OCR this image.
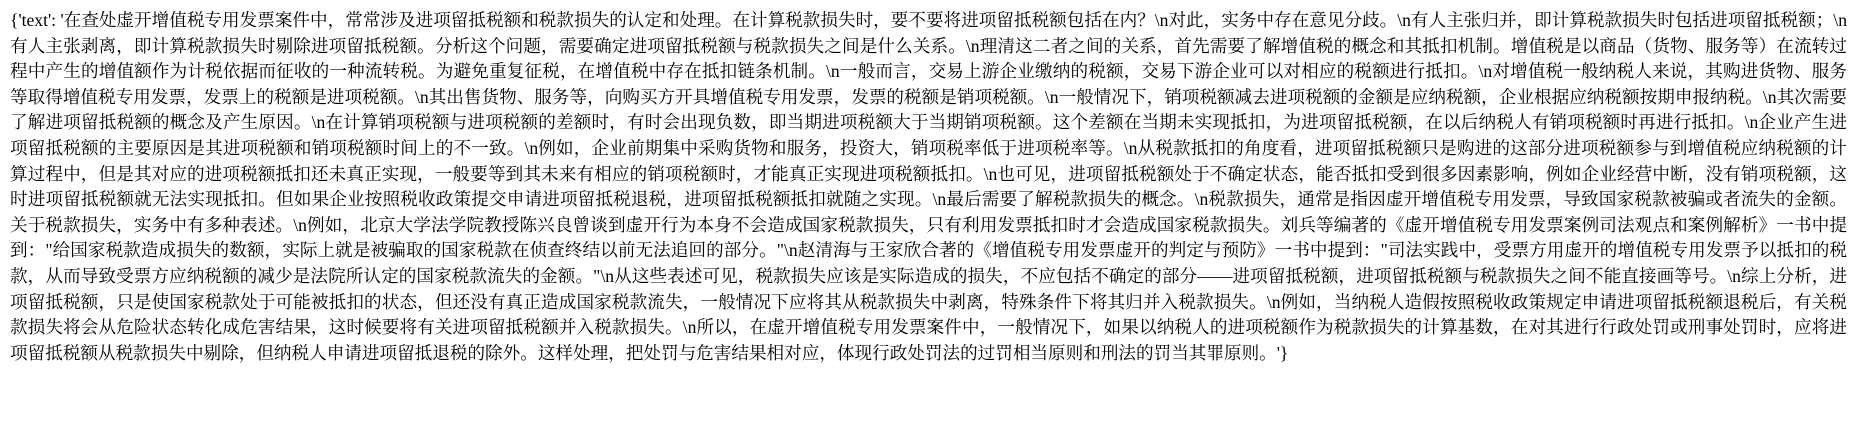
{'text': '在查处虚开增值税专用发票案件中，常常涉及进项留抵税额和税款损失的认定和处理。在计算税款损失时，要不要将进项留抵税额包括在内？\n对此，实务中存在意见分歧。\n有人主张归并，即计算税款损失时包括进项留抵税额；\n有人主张剥离，即计算税款损失时剔除进项留抵税额。分析这个问题，需要确定进项留抵税额与税款损失之间是什么关系。\n理清这二者之间的关系，首先需要了解增值税的概念和其抵扣机制。增值税是以商品（货物、服务等）在流转过程中产生的增值额作为计税依据而征收的一种流转税。为避免重复征税，在增值税中存在抵扣链条机制。\n一般而言，交易上游企业缴纳的税额，交易下游企业可以对相应的税额进行抵扣。\n对增值税一般纳税人来说，其购进货物、服务等取得增值税专用发票，发票上的税额是进项税额。\n其出售货物、服务等，向购买方开具增值税专用发票，发票的税额是销项税额。\n一般情况下，销项税额减去进项税额的金额是应纳税额，企业根据应纳税额按期申报纳税。\n其次需要了解进项留抵税额的概念及产生原因。\n在计算销项税额与进项税额的差额时，有时会出现负数，即当期进项税额大于当期销项税额。这个差额在当期未实现抵扣，为进项留抵税额，在以后纳税人有销项税额时再进行抵扣。\n企业产生进项留抵税额的主要原因是其进项税额和销项税额时间上的不一致。\n例如，企业前期集中采购货物和服务，投资大，销项税率低于进项税率等。\n从税款抵扣的角度看，进项留抵税额只是购进的这部分进项税额参与到增值税应纳税额的计算过程中，但是其对应的进项税额抵扣还未真正实现，一般要等到其未来有相应的销项税额时，才能真正实现进项税额抵扣。\n也可见，进项留抵税额处于不确定状态，能否抵扣受到很多因素影响，例如企业经营中断，没有销项税额，这时进项留抵税额就无法实现抵扣。但如果企业按照税收政策提交申请进项留抵税退税，进项留抵税额抵扣就随之实现。\n最后需要了解税款损失的概念。\n税款损失，通常是指因虚开增值税专用发票，导致国家税款被骗或者流失的金额。关于税款损失，实务中有多种表述。\n例如，北京大学法学院教授陈兴良曾谈到虚开行为本身不会造成国家税款损失，只有利用发票抵扣时才会造成国家税款损失。刘兵等编著的《虚开增值税专用发票案例司法观点和案例解析》一书中提到："给国家税款造成损失的数额，实际上就是被骗取的国家税款在侦查终结以前无法追回的部分。"\n赵清海与王家欣合著的《增值税专用发票虚开的判定与预防》一书中提到："司法实践中，受票方用虚开的增值税专用发票予以抵扣的税款，从而导致受票方应纳税额的减少是法院所认定的国家税款流失的金额。"\n从这些表述可见，税款损失应该是实际造成的损失，不应包括不确定的部分——进项留抵税额，进项留抵税额与税款损失之间不能直接画等号。\n综上分析，进项留抵税额，只是使国家税款处于可能被抵扣的状态，但还没有真正造成国家税款流失，一般情况下应将其从税款损失中剥离，特殊条件下将其归并入税款损失。\n例如，当纳税人造假按照税收政策规定申请进项留抵税额退税后，有关税款损失将会从危险状态转化成危害结果，这时候要将有关进项留抵税额并入税款损失。\n所以，在虚开增值税专用发票案件中，一般情况下，如果以纳税人的进项税额作为税款损失的计算基数，在对其进行行政处罚或刑事处罚时，应将进项留抵税额从税款损失中剔除，但纳税人申请进项留抵退税的除外。这样处理，把处罚与危害结果相对应，体现行政处罚法的过罚相当原则和刑法的罚当其罪原则。'}
